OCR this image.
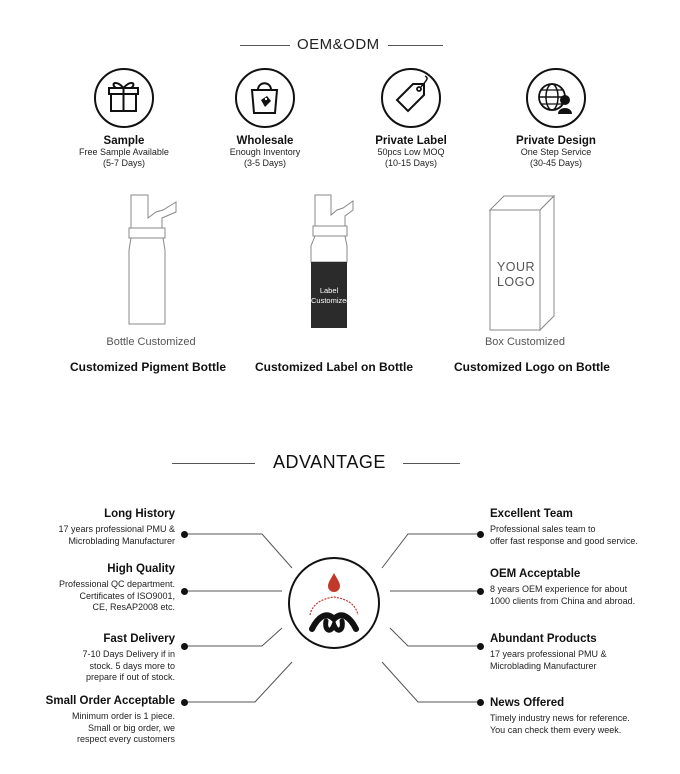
OEM&ODM
Sample
Free Sample Available
(5-7 Days)
Wholesale
Enough Inventory
(3-5 Days)
Private Label
50pcs Low MOQ
(10-15 Days)
Private Design
One Step Service
(30-45 Days)
Bottle Customized
Customized Pigment Bottle
Label
Customized
Customized Label on Bottle
YOUR
LOGO
Box Customized
Customized Logo on Bottle
ADVANTAGE
Long History
17 years professional PMU &
Microblading Manufacturer
High Quality
Professional QC department.
Certificates of ISO9001,
CE, ResAP2008 etc.
Fast Delivery
7-10 Days Delivery if in
stock. 5 days more to
prepare if out of stock.
Small Order Acceptable
Minimum order is 1 piece.
Small or big order, we
respect every customers
Excellent Team
Professional sales team to
offer fast response and good service.
OEM Acceptable
8 years OEM experience for about
1000 clients from China and abroad.
Abundant Products
17 years professional PMU &
Microblading Manufacturer
News Offered
Timely industry news for reference.
You can check them every week.
